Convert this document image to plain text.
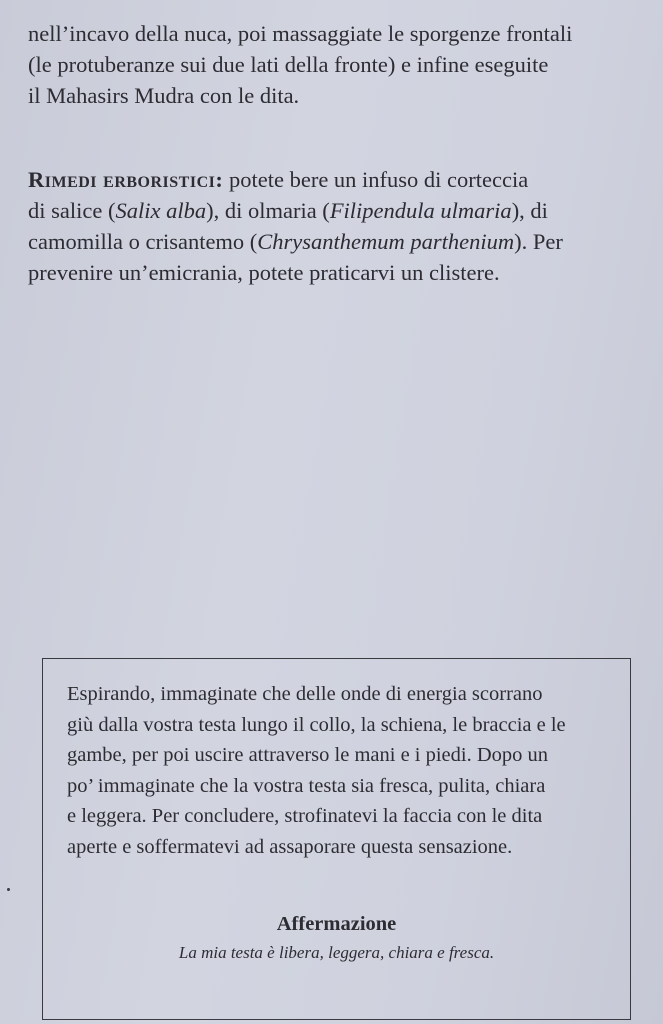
nell’incavo della nuca, poi massaggiate le sporgenze frontali
(le protuberanze sui due lati della fronte) e infine eseguite
il Mahasirs Mudra con le dita.
Rimedi erboristici: potete bere un infuso di corteccia
di salice (Salix alba), di olmaria (Filipendula ulmaria), di
camomilla o crisantemo (Chrysanthemum parthenium). Per
prevenire un’emicrania, potete praticarvi un clistere.
Espirando, immaginate che delle onde di energia scorrano
giù dalla vostra testa lungo il collo, la schiena, le braccia e le
gambe, per poi uscire attraverso le mani e i piedi. Dopo un
po’ immaginate che la vostra testa sia fresca, pulita, chiara
e leggera. Per concludere, strofinatevi la faccia con le dita
aperte e soffermatevi ad assaporare questa sensazione.
Affermazione
La mia testa è libera, leggera, chiara e fresca.
